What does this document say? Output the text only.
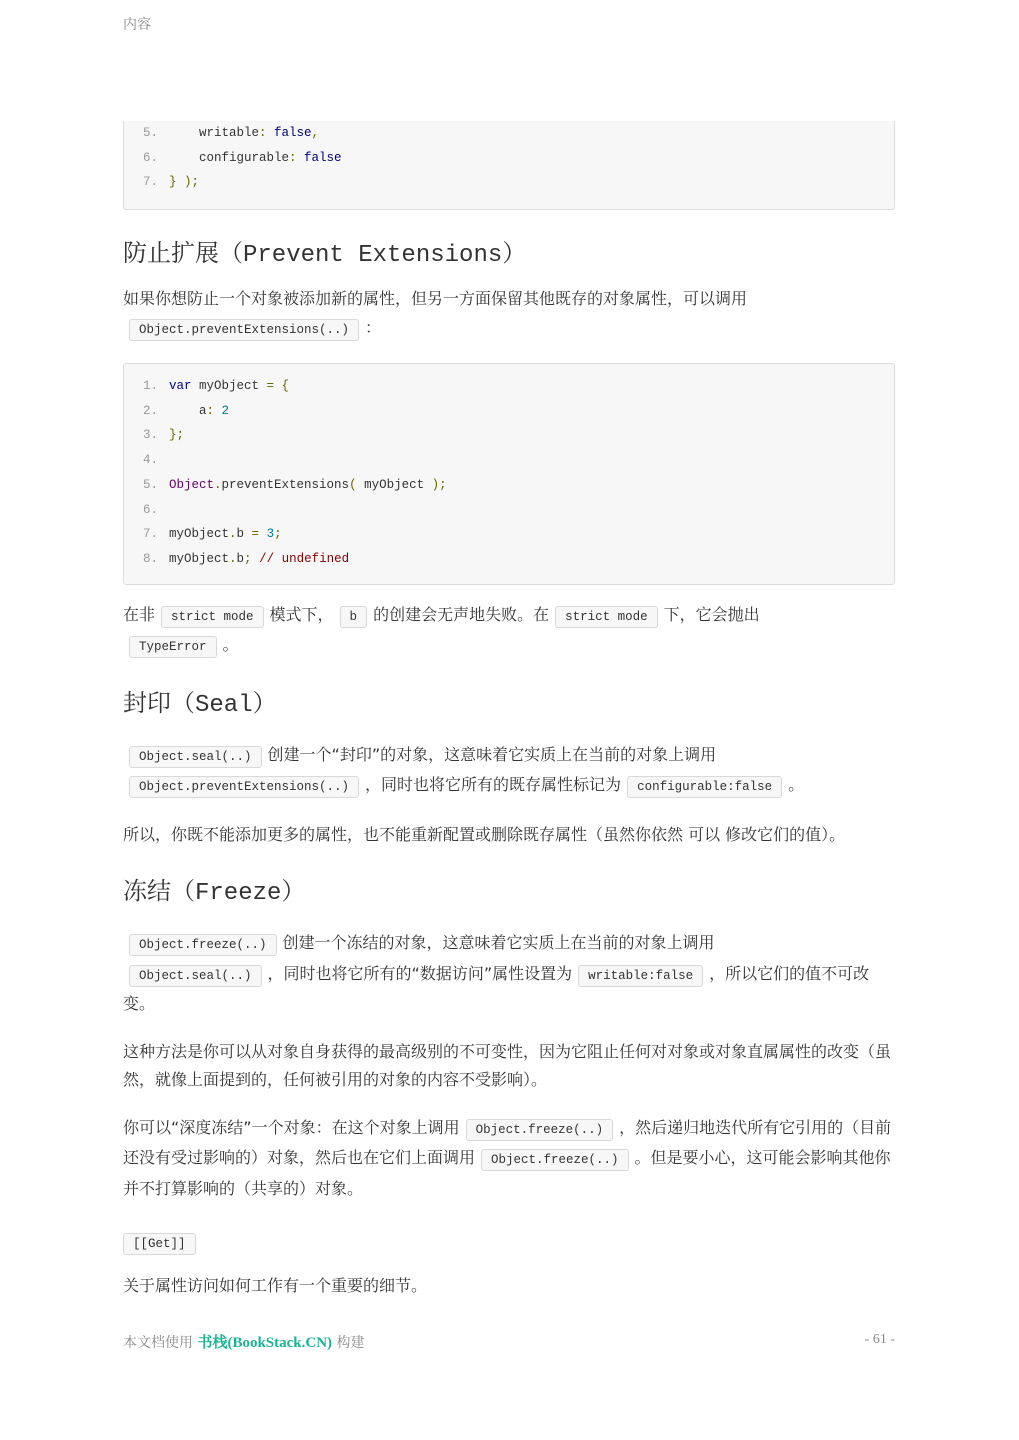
内容
5. writable: false,
6. configurable: false
7. } );
防止扩展（Prevent Extensions）

如果你想防止一个对象被添加新的属性，但另一方面保留其他既存的对象属性，可以调用
Object.preventExtensions(..) ：

1. var myObject = {
2. a: 2
3. };
4.
5. Object.preventExtensions( myObject );
6.
7. myObject.b = 3;
8. myObject.b; // undefined

在非 strict mode 模式下， b 的创建会无声地失败。在 strict mode 下，它会抛出
TypeError 。

封印（Seal）

Object.seal(..) 创建一个“封印”的对象，这意味着它实质上在当前的对象上调用
Object.preventExtensions(..) ，同时也将它所有的既存属性标记为 configurable:false 。

所以，你既不能添加更多的属性，也不能重新配置或删除既存属性（虽然你依然 可以 修改它们的值）。

冻结（Freeze）

Object.freeze(..) 创建一个冻结的对象，这意味着它实质上在当前的对象上调用
Object.seal(..) ，同时也将它所有的“数据访问”属性设置为 writable:false ，所以它们的值不可改变。

这种方法是你可以从对象自身获得的最高级别的不可变性，因为它阻止任何对对象或对象直属属性的改变（虽然，就像上面提到的，任何被引用的对象的内容不受影响）。

你可以“深度冻结”一个对象：在这个对象上调用 Object.freeze(..) ，然后递归地迭代所有它引用的（目前还没有受过影响的）对象，然后也在它们上面调用 Object.freeze(..) 。但是要小心，这可能会影响其他你并不打算影响的（共享的）对象。

[[Get]]

关于属性访问如何工作有一个重要的细节。

本文档使用 书栈(BookStack.CN) 构建	- 61 -
